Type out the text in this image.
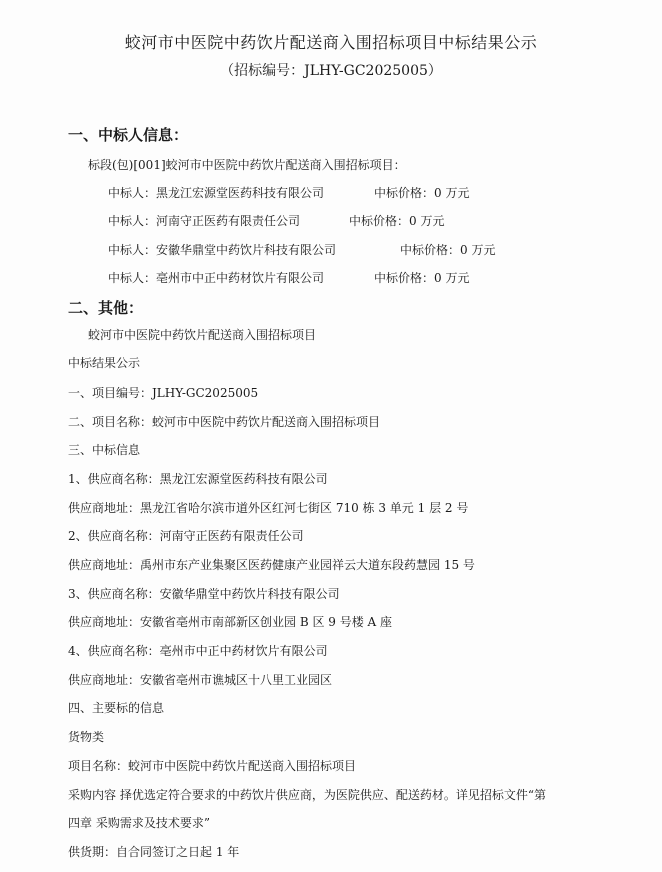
蛟河市中医院中药饮片配送商入围招标项目中标结果公示
（招标编号：JLHY-GC2025005）
一、中标人信息：
标段(包)[001]蛟河市中医院中药饮片配送商入围招标项目：
中标人：黑龙江宏源堂医药科技有限公司	中标价格：0 万元
中标人：河南守正医药有限责任公司	中标价格：0 万元
中标人：安徽华鼎堂中药饮片科技有限公司	中标价格：0 万元
中标人：亳州市中正中药材饮片有限公司	中标价格：0 万元
二、其他：
蛟河市中医院中药饮片配送商入围招标项目
中标结果公示
一、项目编号：JLHY-GC2025005
二、项目名称：蛟河市中医院中药饮片配送商入围招标项目
三、中标信息
1、供应商名称：黑龙江宏源堂医药科技有限公司
供应商地址：黑龙江省哈尔滨市道外区红河七街区 710 栋 3 单元 1 层 2 号
2、供应商名称：河南守正医药有限责任公司
供应商地址：禹州市东产业集聚区医药健康产业园祥云大道东段药慧园 15 号
3、供应商名称：安徽华鼎堂中药饮片科技有限公司
供应商地址：安徽省亳州市南部新区创业园 B 区 9 号楼 A 座
4、供应商名称：亳州市中正中药材饮片有限公司
供应商地址：安徽省亳州市谯城区十八里工业园区
四、主要标的信息
货物类
项目名称：蛟河市中医院中药饮片配送商入围招标项目
采购内容 择优选定符合要求的中药饮片供应商，为医院供应、配送药材。详见招标文件“第
四章 采购需求及技术要求”
供货期：自合同签订之日起 1 年
